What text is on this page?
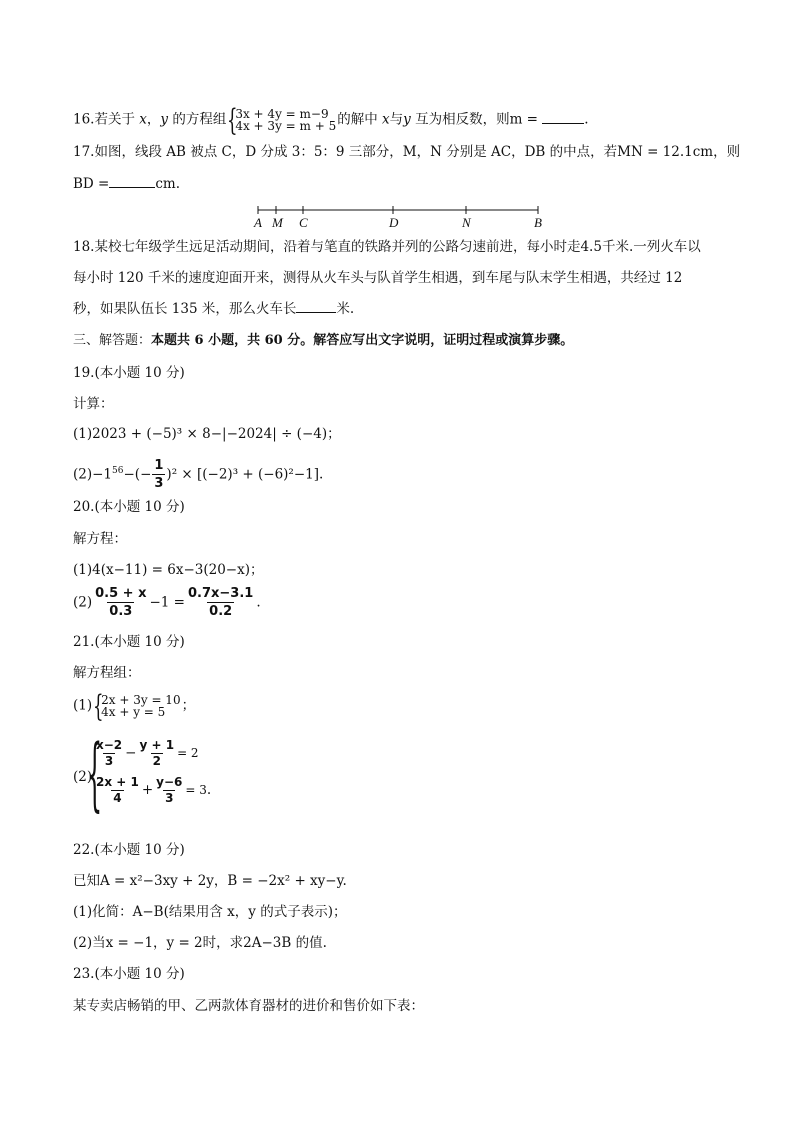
16.若关于 x，y 的方程组 {
3x + 4y = m−9
4x + 3y = m + 5 的解中 x与y 互为相反数，则m =	.
17.如图，线段 AB 被点 C，D 分成 3：5：9 三部分，M，N 分别是 AC，DB 的中点，若MN = 12.1cm，则
BD =	cm.
A M C	D	N	B
18.某校七年级学生远足活动期间，沿着与笔直的铁路并列的公路匀速前进，每小时走4.5千米.一列火车以
每小时 120 千米的速度迎面开来，测得从火车头与队首学生相遇，到车尾与队末学生相遇，共经过 12
秒，如果队伍长 135 米，那么火车长	米.
三、解答题：本题共 6 小题，共 60 分。解答应写出文字说明，证明过程或演算步骤。
19.(本小题 10 分)
计算：
(1)2023 + (−5)³ × 8−|−2024| ÷ (−4)；
$(2)-1^{56}-(- \frac{1}{3} )^2 \times [(-2)^3 + (-6)^2-1]$.
20.(本小题 10 分)
解方程：
(1)4(x−11) = 6x−3(20−x)；
$(2) \frac{0.5 + x}{0.3} -1 = \frac{0.7x-3.1}{0.2}$ .
21.(本小题 10 分)
解方程组：
(1) {
2x + 3y = 10
4x + y = 5	；
(2)
{
$\frac{x-2}{3} - \frac{y + 1}{2} = 2$
$\frac{2x + 1}{4} + \frac{y-6}{3} = 3$.
22.(本小题 10 分)
已知A = x²−3xy + 2y，B = −2x² + xy−y.
(1)化简：A−B(结果用含 x，y 的式子表示)；
(2)当x = −1，y = 2时，求2A−3B 的值.
23.(本小题 10 分)
某专卖店畅销的甲、乙两款体育器材的进价和售价如下表：
